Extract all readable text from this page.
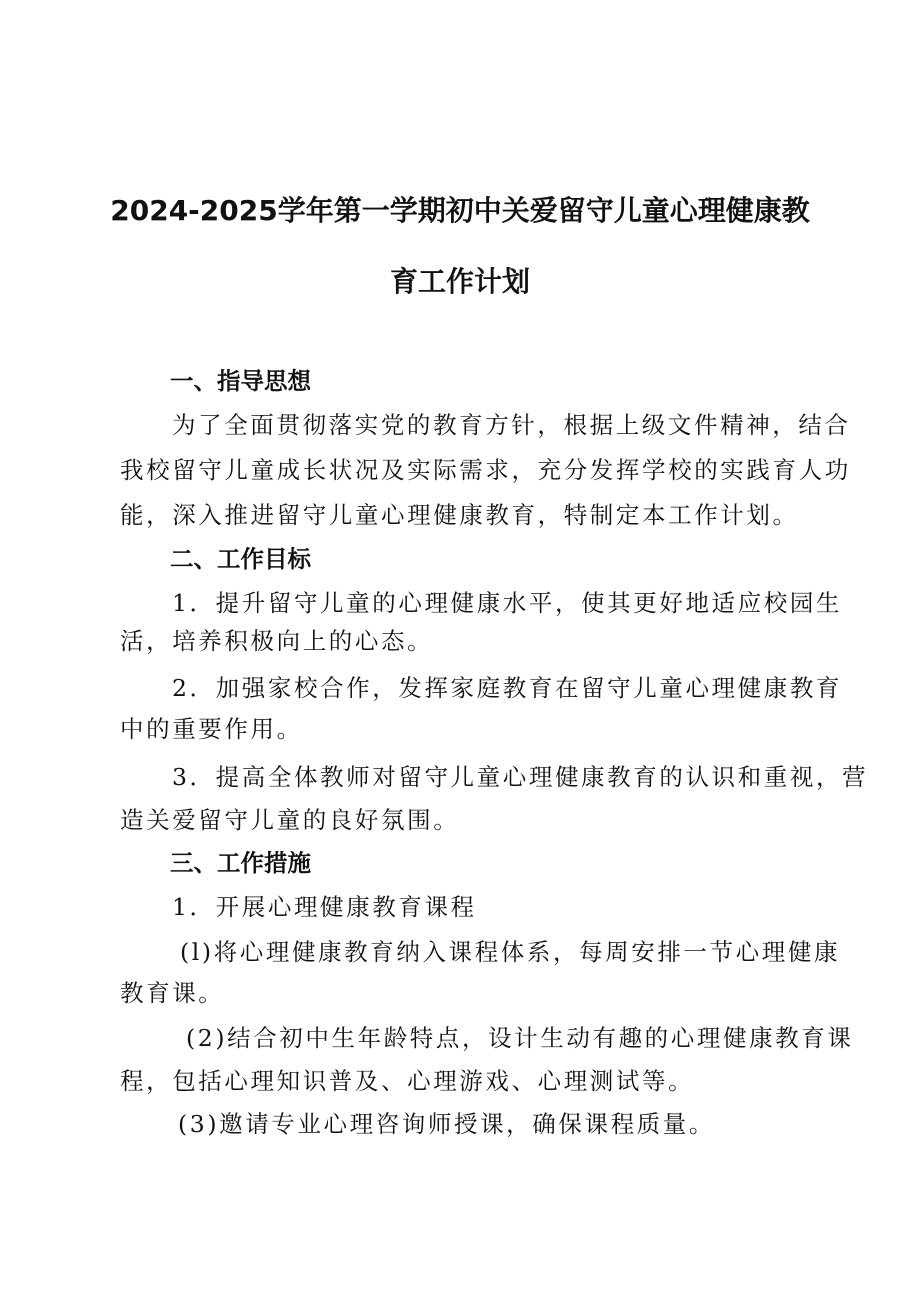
2024-2025学年第一学期初中关爱留守儿童心理健康教
育工作计划
一、指导思想
为了全面贯彻落实党的教育方针，根据上级文件精神，结合
我校留守儿童成长状况及实际需求，充分发挥学校的实践育人功
能，深入推进留守儿童心理健康教育，特制定本工作计划。
二、工作目标
1．提升留守儿童的心理健康水平，使其更好地适应校园生
活，培养积极向上的心态。
2．加强家校合作，发挥家庭教育在留守儿童心理健康教育
中的重要作用。
3．提高全体教师对留守儿童心理健康教育的认识和重视，营
造关爱留守儿童的良好氛围。
三、工作措施
1．开展心理健康教育课程
(l)将心理健康教育纳入课程体系，每周安排一节心理健康
教育课。
(2)结合初中生年龄特点，设计生动有趣的心理健康教育课
程，包括心理知识普及、心理游戏、心理测试等。
(3)邀请专业心理咨询师授课，确保课程质量。
